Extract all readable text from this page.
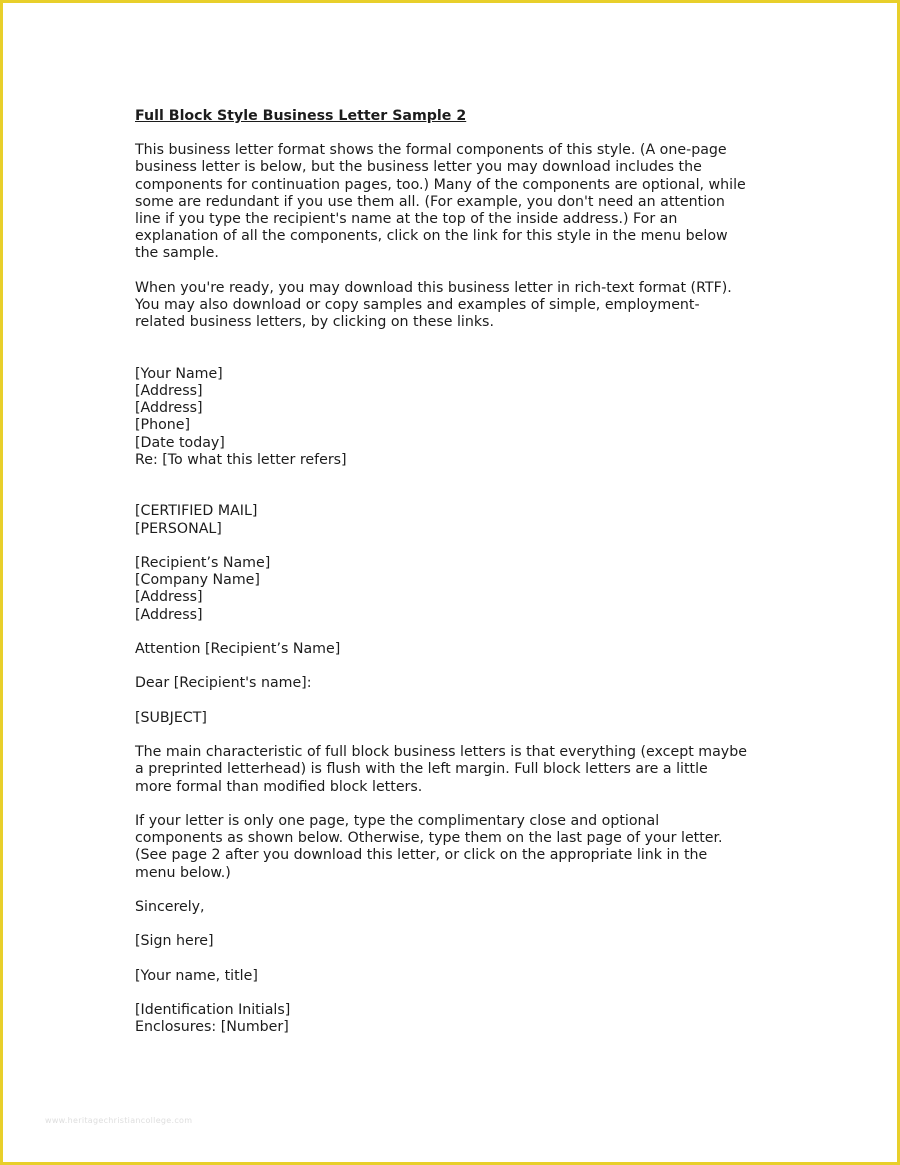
Full Block Style Business Letter Sample 2

This business letter format shows the formal components of this style. (A one-page
business letter is below, but the business letter you may download includes the
components for continuation pages, too.) Many of the components are optional, while
some are redundant if you use them all. (For example, you don't need an attention
line if you type the recipient's name at the top of the inside address.) For an
explanation of all the components, click on the link for this style in the menu below
the sample.

When you're ready, you may download this business letter in rich-text format (RTF).
You may also download or copy samples and examples of simple, employment-
related business letters, by clicking on these links.

[Your Name]
[Address]
[Address]
[Phone]
[Date today]
Re: [To what this letter refers]

[CERTIFIED MAIL]
[PERSONAL]

[Recipient’s Name]
[Company Name]
[Address]
[Address]

Attention [Recipient’s Name]

Dear [Recipient's name]:

[SUBJECT]

The main characteristic of full block business letters is that everything (except maybe
a preprinted letterhead) is flush with the left margin. Full block letters are a little
more formal than modified block letters.

If your letter is only one page, type the complimentary close and optional
components as shown below. Otherwise, type them on the last page of your letter.
(See page 2 after you download this letter, or click on the appropriate link in the
menu below.)

Sincerely,

[Sign here]

[Your name, title]

[Identification Initials]
Enclosures: [Number]

www.heritagechristiancollege.com
